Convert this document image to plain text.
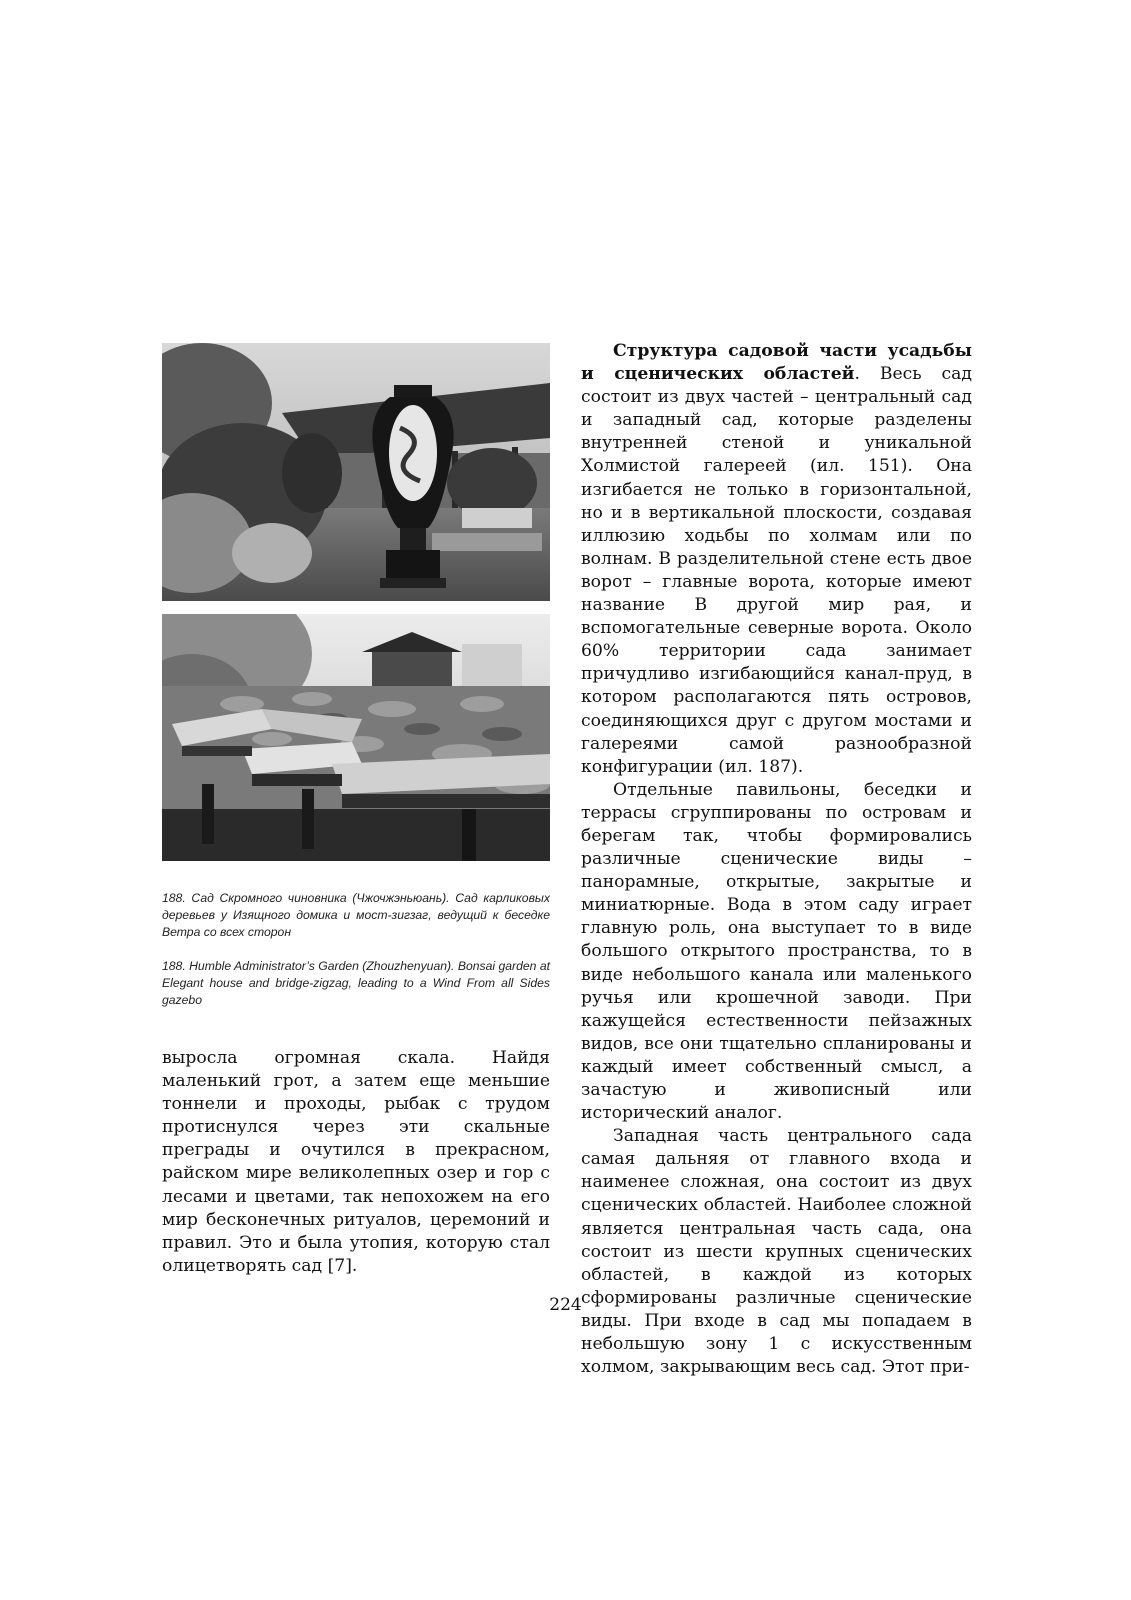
188. Сад Скромного чиновника (Чжочжэньюань). Сад карликовых деревьев у Изящного домика и мост-зигзаг, ведущий к беседке Ветра со всех сторон
188. Humble Administrator’s Garden (Zhouzhenyuan). Bonsai garden at Elegant house and bridge-zigzag, leading to a Wind From all Sides gazebo

выросла огромная скала. Найдя маленький грот, а затем еще меньшие тоннели и проходы, рыбак с трудом протиснулся через эти скальные преграды и очутился в прекрасном, райском мире великолепных озер и гор с лесами и цветами, так непохожем на его мир бесконечных ритуалов, церемоний и правил. Это и была утопия, которую стал олицетворять сад [7].

Структура садовой части усадьбы и сценических областей. Весь сад состоит из двух частей – центральный сад и западный сад, которые разделены внутренней стеной и уникальной Холмистой галереей (ил. 151). Она изгибается не только в горизонтальной, но и в вертикальной плоскости, создавая иллюзию ходьбы по холмам или по волнам. В разделительной стене есть двое ворот – главные ворота, которые имеют название В другой мир рая, и вспомогательные северные ворота. Около 60% территории сада занимает причудливо изгибающийся канал-пруд, в котором располагаются пять островов, соединяющихся друг с другом мостами и галереями самой разнообразной конфигурации (ил. 187).

Отдельные павильоны, беседки и террасы сгруппированы по островам и берегам так, чтобы формировались различные сценические виды – панорамные, открытые, закрытые и миниатюрные. Вода в этом саду играет главную роль, она выступает то в виде большого открытого пространства, то в виде небольшого канала или маленького ручья или крошечной заводи. При кажущейся естественности пейзажных видов, все они тщательно спланированы и каждый имеет собственный смысл, а зачастую и живописный или исторический аналог.

Западная часть центрального сада самая дальняя от главного входа и наименее сложная, она состоит из двух сценических областей. Наиболее сложной является центральная часть сада, она состоит из шести крупных сценических областей, в каждой из которых сформированы различные сценические виды. При входе в сад мы попадаем в небольшую зону 1 с искусственным холмом, закрывающим весь сад. Этот при-

224
